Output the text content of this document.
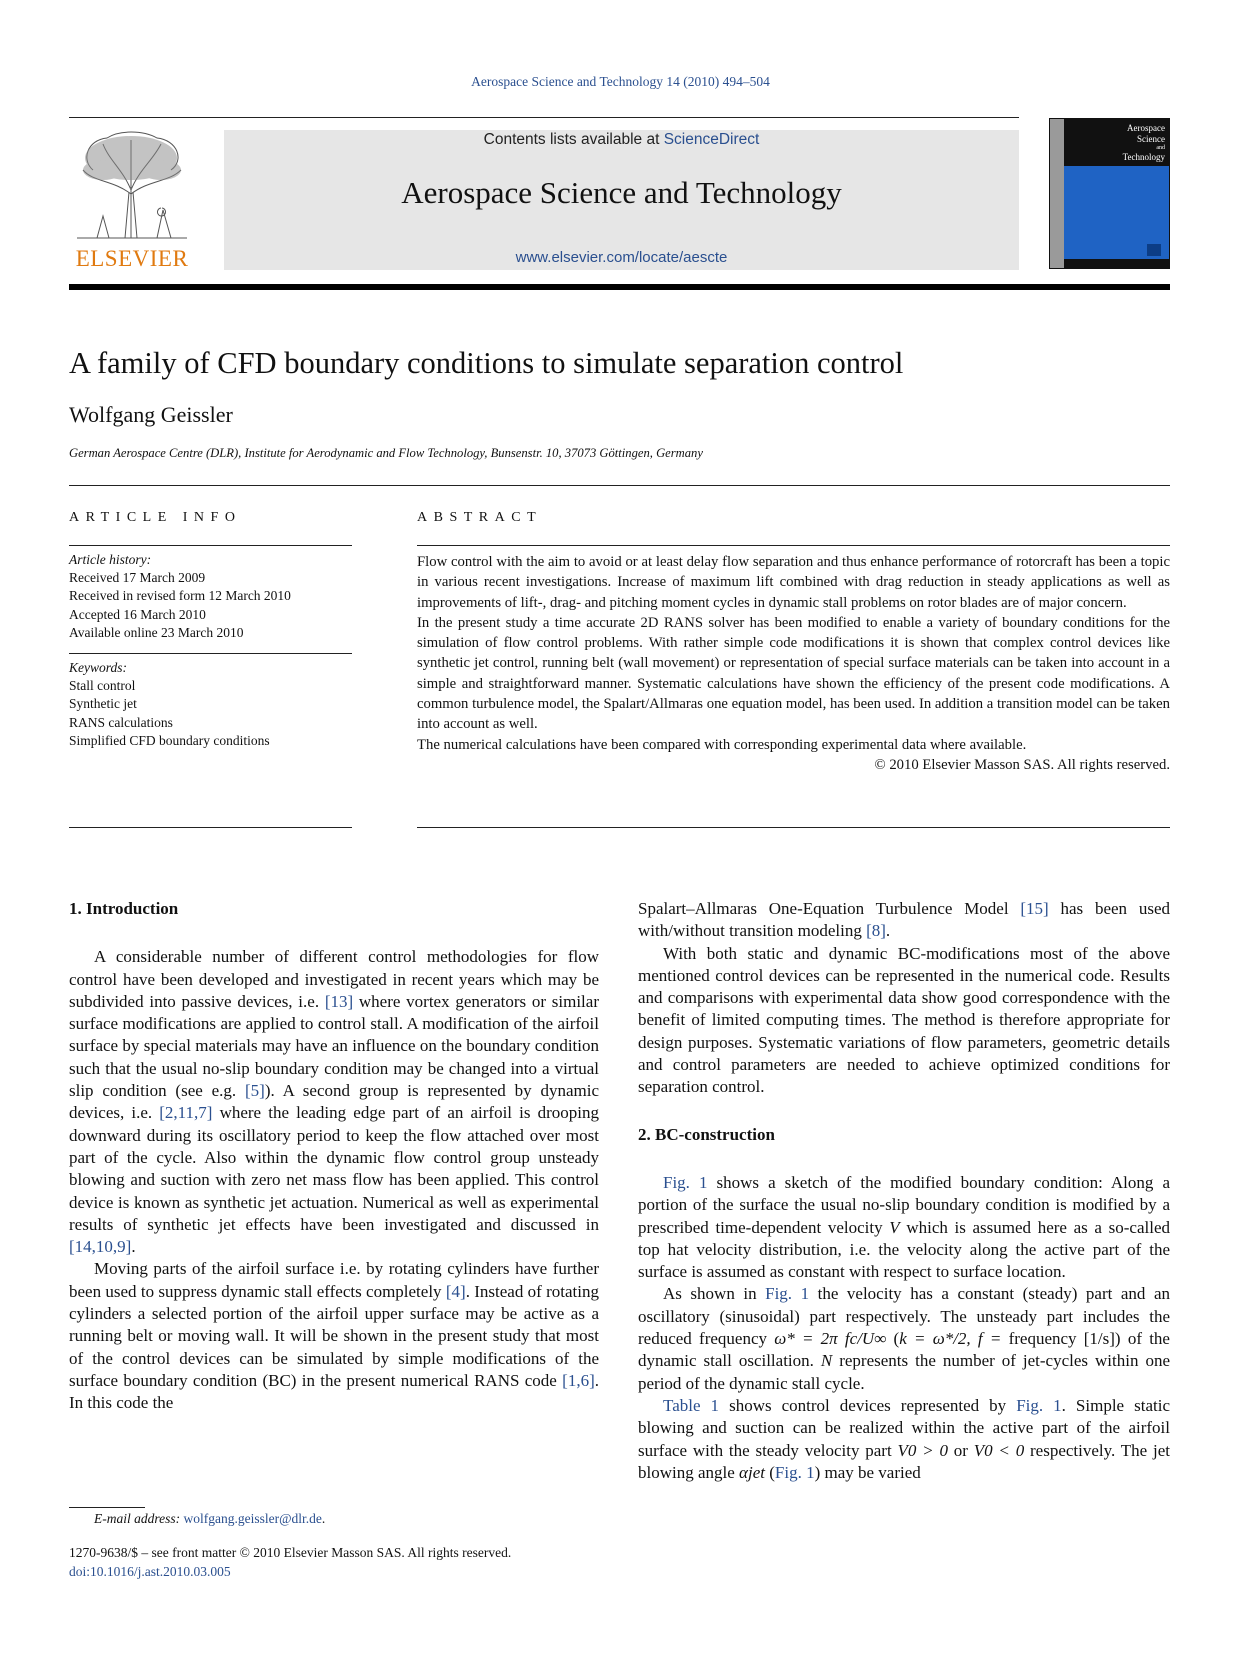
Aerospace Science and Technology 14 (2010) 494–504
ELSEVIER
Contents lists available at ScienceDirect
Aerospace Science and Technology
www.elsevier.com/locate/aescte
Aerospace
Science
and
Technology
A family of CFD boundary conditions to simulate separation control
Wolfgang Geissler
German Aerospace Centre (DLR), Institute for Aerodynamic and Flow Technology, Bunsenstr. 10, 37073 Göttingen, Germany
ARTICLE INFO	ABSTRACT
Article history:
Received 17 March 2009
Received in revised form 12 March 2010
Accepted 16 March 2010
Available online 23 March 2010
Keywords:
Stall control
Synthetic jet
RANS calculations
Simplified CFD boundary conditions

Flow control with the aim to avoid or at least delay flow separation and thus enhance performance of rotorcraft has been a topic in various recent investigations. Increase of maximum lift combined with drag reduction in steady applications as well as improvements of lift-, drag- and pitching moment cycles in dynamic stall problems on rotor blades are of major concern.

In the present study a time accurate 2D RANS solver has been modified to enable a variety of boundary conditions for the simulation of flow control problems. With rather simple code modifications it is shown that complex control devices like synthetic jet control, running belt (wall movement) or representation of special surface materials can be taken into account in a simple and straightforward manner. Systematic calculations have shown the efficiency of the present code modifications. A common turbulence model, the Spalart/Allmaras one equation model, has been used. In addition a transition model can be taken into account as well.

The numerical calculations have been compared with corresponding experimental data where available.

© 2010 Elsevier Masson SAS. All rights reserved.

1. Introduction

A considerable number of different control methodologies for flow control have been developed and investigated in recent years which may be subdivided into passive devices, i.e. [13] where vortex generators or similar surface modifications are applied to control stall. A modification of the airfoil surface by special materials may have an influence on the boundary condition such that the usual no-slip boundary condition may be changed into a virtual slip condition (see e.g. [5]). A second group is represented by dynamic devices, i.e. [2,11,7] where the leading edge part of an airfoil is drooping downward during its oscillatory period to keep the flow attached over most part of the cycle. Also within the dynamic flow control group unsteady blowing and suction with zero net mass flow has been applied. This control device is known as synthetic jet actuation. Numerical as well as experimental results of synthetic jet effects have been investigated and discussed in [14,10,9].

Moving parts of the airfoil surface i.e. by rotating cylinders have further been used to suppress dynamic stall effects completely [4]. Instead of rotating cylinders a selected portion of the airfoil upper surface may be active as a running belt or moving wall. It will be shown in the present study that most of the control devices can be simulated by simple modifications of the surface boundary condition (BC) in the present numerical RANS code [1,6]. In this code the

Spalart–Allmaras One-Equation Turbulence Model [15] has been used with/without transition modeling [8].

With both static and dynamic BC-modifications most of the above mentioned control devices can be represented in the numerical code. Results and comparisons with experimental data show good correspondence with the benefit of limited computing times. The method is therefore appropriate for design purposes. Systematic variations of flow parameters, geometric details and control parameters are needed to achieve optimized conditions for separation control.

2. BC-construction

Fig. 1 shows a sketch of the modified boundary condition: Along a portion of the surface the usual no-slip boundary condition is modified by a prescribed time-dependent velocity V which is assumed here as a so-called top hat velocity distribution, i.e. the velocity along the active part of the surface is assumed as constant with respect to surface location.

As shown in Fig. 1 the velocity has a constant (steady) part and an oscillatory (sinusoidal) part respectively. The unsteady part includes the reduced frequency ω* = 2π fc/U∞ (k = ω*/2, f = frequency [1/s]) of the dynamic stall oscillation. N represents the number of jet-cycles within one period of the dynamic stall cycle.

Table 1 shows control devices represented by Fig. 1. Simple static blowing and suction can be realized within the active part of the airfoil surface with the steady velocity part V0 > 0 or V0 < 0 respectively. The jet blowing angle αjet (Fig. 1) may be varied

E-mail address: wolfgang.geissler@dlr.de.
1270-9638/$ – see front matter © 2010 Elsevier Masson SAS. All rights reserved.
doi:10.1016/j.ast.2010.03.005
